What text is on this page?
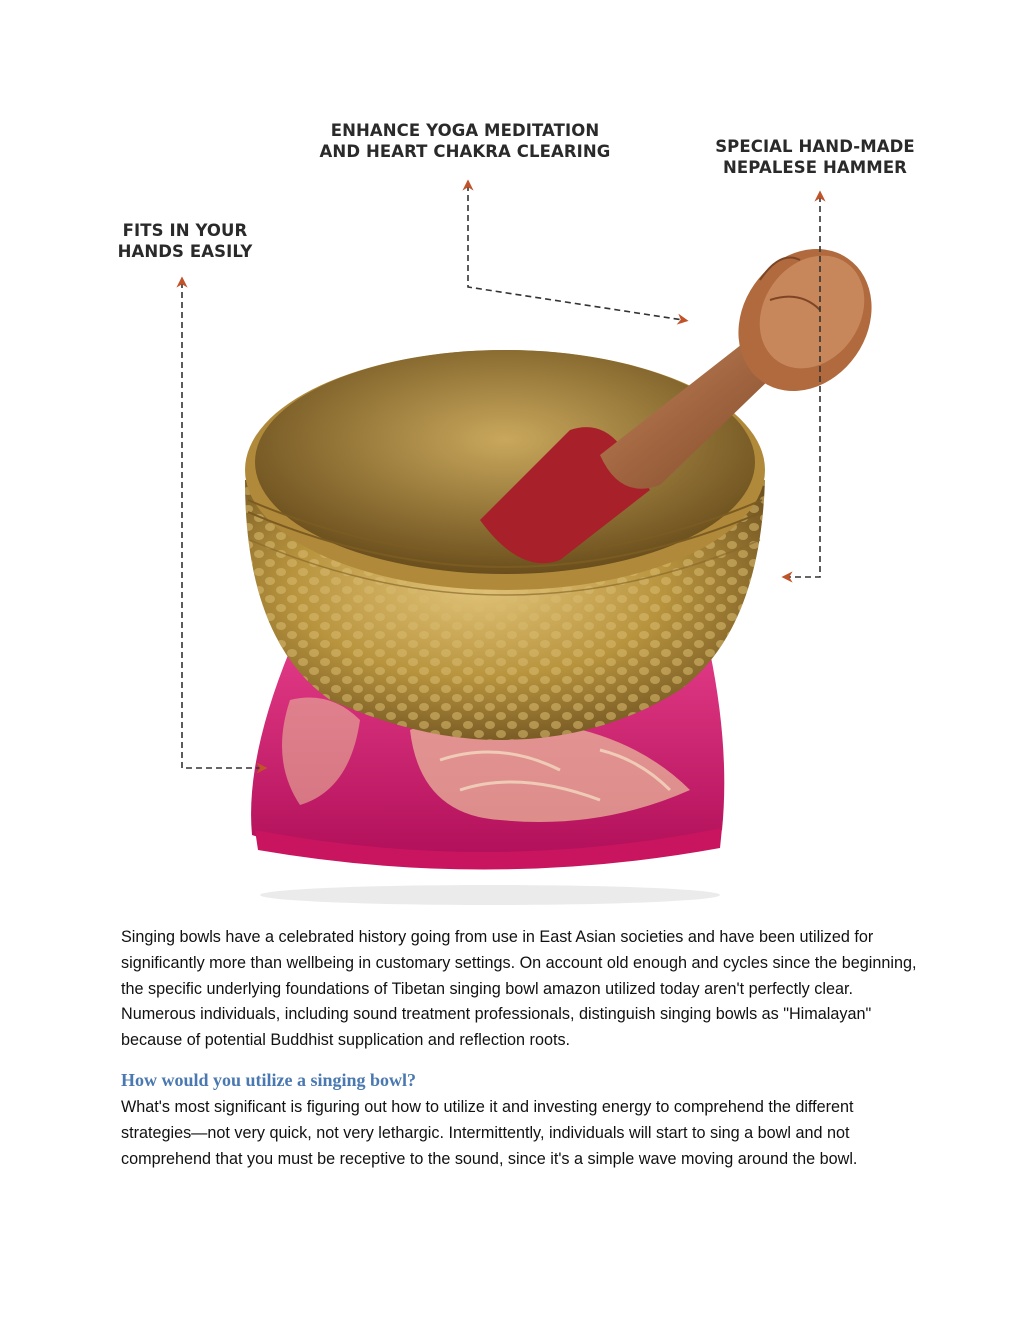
ENHANCE YOGA MEDITATION
AND HEART CHAKRA CLEARING	SPECIAL HAND-MADE
NEPALESE HAMMER
FITS IN YOUR
HANDS EASILY

Singing bowls have a celebrated history going from use in East Asian societies and have been utilized for significantly more than wellbeing in customary settings. On account old enough and cycles since the beginning, the specific underlying foundations of Tibetan singing bowl amazon utilized today aren't perfectly clear. Numerous individuals, including sound treatment professionals, distinguish singing bowls as "Himalayan" because of potential Buddhist supplication and reflection roots.

How would you utilize a singing bowl?

What's most significant is figuring out how to utilize it and investing energy to comprehend the different strategies—not very quick, not very lethargic. Intermittently, individuals will start to sing a bowl and not comprehend that you must be receptive to the sound, since it's a simple wave moving around the bowl.
